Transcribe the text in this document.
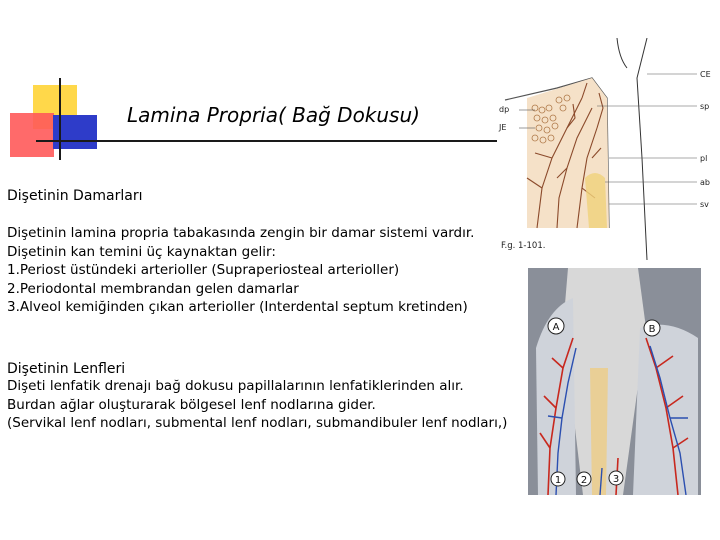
Lamina Propria( Bağ Dokusu)
Dişetinin Damarları
Dişetinin lamina propria tabakasında zengin bir damar sistemi vardır.
Dişetinin kan temini üç kaynaktan gelir:
1.Periost üstündeki arterioller (Supraperiosteal arterioller)
2.Periodontal membrandan gelen damarlar
3.Alveol kemiğinden çıkan arterioller (Interdental septum kretinden)
Dişetinin Lenfleri
Dişeti lenfatik drenajı bağ dokusu papillalarının lenfatiklerinden alır.
Burdan ağlar oluşturarak bölgesel lenf nodlarına gider.
(Servikal lenf nodları, submental lenf nodları, submandibuler lenf nodları,)
CE
sp
dp
JE
pl
ab
sv
F.g. 1-101.
A	B
1 2	3
